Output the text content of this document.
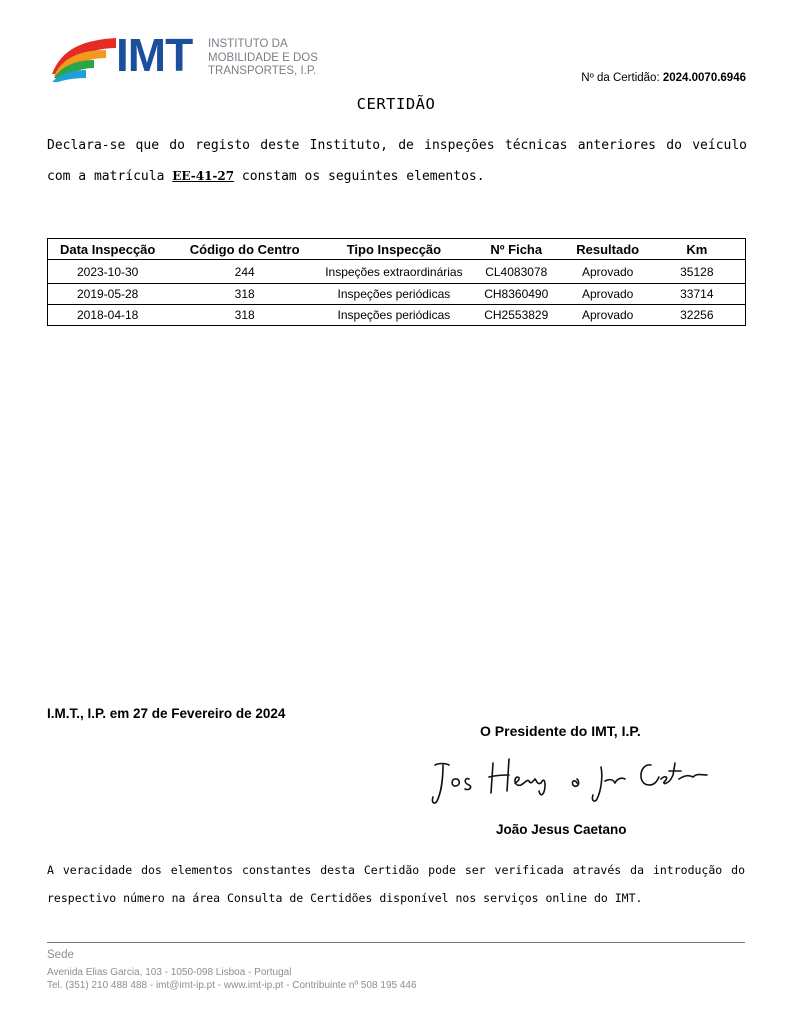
IMT INSTITUTO DA
MOBILIDADE E DOS
TRANSPORTES, I.P.
Nº da Certidão: 2024.0070.6946
CERTIDÃO
Declara-se que do registo deste Instituto, de inspeções técnicas anteriores do veículo com a matrícula EE-41-27 constam os seguintes elementos.
Data Inspecção	Código do Centro	Tipo Inspecção	Nº Ficha	Resultado	Km
2023-10-30	244	Inspeções extraordinárias	CL4083078	Aprovado	35128
2019-05-28	318	Inspeções periódicas	CH8360490	Aprovado	33714
2018-04-18	318	Inspeções periódicas	CH2553829	Aprovado	32256
I.M.T., I.P. em 27 de Fevereiro de 2024
O Presidente do IMT, I.P.
João Jesus Caetano
A veracidade dos elementos constantes desta Certidão pode ser verificada através da introdução do respectivo número na área Consulta de Certidões disponível nos serviços online do IMT.
Sede
Avenida Elias Garcia, 103 - 1050-098 Lisboa - Portugal
Tel. (351) 210 488 488 - imt@imt-ip.pt - www.imt-ip.pt - Contribuinte nº 508 195 446
